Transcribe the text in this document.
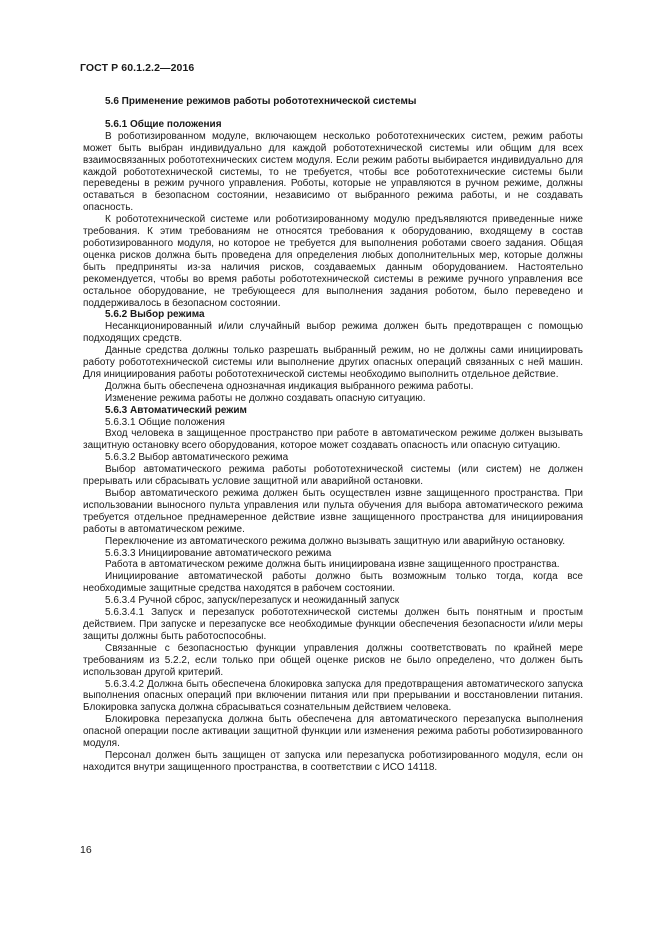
ГОСТ Р 60.1.2.2—2016

5.6 Применение режимов работы робототехнической системы

5.6.1 Общие положения

В роботизированном модуле, включающем несколько робототехнических систем, режим работы может быть выбран индивидуально для каждой робототехнической системы или общим для всех взаимосвязанных робототехнических систем модуля. Если режим работы выбирается индивидуально для каждой робототехнической системы, то не требуется, чтобы все робототехнические системы были переведены в режим ручного управления. Роботы, которые не управляются в ручном режиме, должны оставаться в безопасном состоянии, независимо от выбранного режима работы, и не создавать опасность.

К робототехнической системе или роботизированному модулю предъявляются приведенные ниже требования. К этим требованиям не относятся требования к оборудованию, входящему в состав роботизированного модуля, но которое не требуется для выполнения роботами своего задания. Общая оценка рисков должна быть проведена для определения любых дополнительных мер, которые должны быть предприняты из-за наличия рисков, создаваемых данным оборудованием. Настоятельно рекомендуется, чтобы во время работы робототехнической системы в режиме ручного управления все остальное оборудование, не требующееся для выполнения задания роботом, было переведено и поддерживалось в безопасном состоянии.

5.6.2 Выбор режима

Несанкционированный и/или случайный выбор режима должен быть предотвращен с помощью подходящих средств.

Данные средства должны только разрешать выбранный режим, но не должны сами инициировать работу робототехнической системы или выполнение других опасных операций связанных с ней машин. Для инициирования работы робототехнической системы необходимо выполнить отдельное действие.

Должна быть обеспечена однозначная индикация выбранного режима работы.

Изменение режима работы не должно создавать опасную ситуацию.

5.6.3 Автоматический режим

5.6.3.1 Общие положения

Вход человека в защищенное пространство при работе в автоматическом режиме должен вызывать защитную остановку всего оборудования, которое может создавать опасность или опасную ситуацию.

5.6.3.2 Выбор автоматического режима

Выбор автоматического режима работы робототехнической системы (или систем) не должен прерывать или сбрасывать условие защитной или аварийной остановки.

Выбор автоматического режима должен быть осуществлен извне защищенного пространства. При использовании выносного пульта управления или пульта обучения для выбора автоматического режима требуется отдельное преднамеренное действие извне защищенного пространства для инициирования работы в автоматическом режиме.

Переключение из автоматического режима должно вызывать защитную или аварийную остановку.

5.6.3.3 Инициирование автоматического режима

Работа в автоматическом режиме должна быть инициирована извне защищенного пространства.

Инициирование автоматической работы должно быть возможным только тогда, когда все необходимые защитные средства находятся в рабочем состоянии.

5.6.3.4 Ручной сброс, запуск/перезапуск и неожиданный запуск

5.6.3.4.1 Запуск и перезапуск робототехнической системы должен быть понятным и простым действием. При запуске и перезапуске все необходимые функции обеспечения безопасности и/или меры защиты должны быть работоспособны.

Связанные с безопасностью функции управления должны соответствовать по крайней мере требованиям из 5.2.2, если только при общей оценке рисков не было определено, что должен быть использован другой критерий.

5.6.3.4.2 Должна быть обеспечена блокировка запуска для предотвращения автоматического запуска выполнения опасных операций при включении питания или при прерывании и восстановлении питания. Блокировка запуска должна сбрасываться сознательным действием человека.

Блокировка перезапуска должна быть обеспечена для автоматического перезапуска выполнения опасной операции после активации защитной функции или изменения режима работы роботизированного модуля.

Персонал должен быть защищен от запуска или перезапуска роботизированного модуля, если он находится внутри защищенного пространства, в соответствии с ИСО 14118.

16
